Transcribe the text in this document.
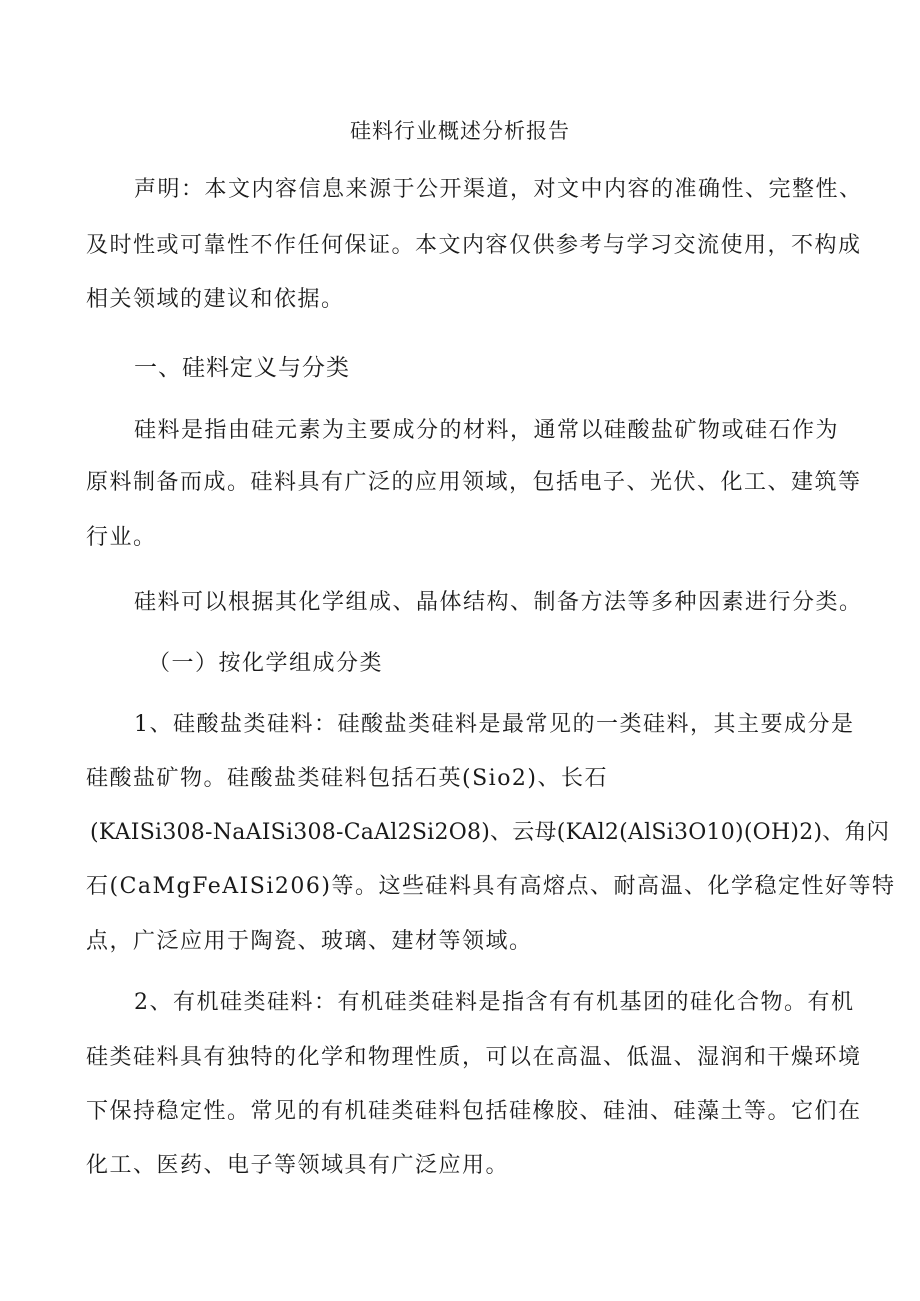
硅料行业概述分析报告
声明：本文内容信息来源于公开渠道，对文中内容的准确性、完整性、
及时性或可靠性不作任何保证。本文内容仅供参考与学习交流使用，不构成
相关领域的建议和依据。
一、硅料定义与分类
硅料是指由硅元素为主要成分的材料，通常以硅酸盐矿物或硅石作为
原料制备而成。硅料具有广泛的应用领域，包括电子、光伏、化工、建筑等
行业。
硅料可以根据其化学组成、晶体结构、制备方法等多种因素进行分类。
（一）按化学组成分类
1、硅酸盐类硅料：硅酸盐类硅料是最常见的一类硅料，其主要成分是
硅酸盐矿物。硅酸盐类硅料包括石英(Sio2)、长石
(KAISi308-NaAISi308-CaAl2Si2O8)、云母(KAl2(AlSi3O10)(OH)2)、角闪
石(CaMgFeAISi206)等。这些硅料具有高熔点、耐高温、化学稳定性好等特
点，广泛应用于陶瓷、玻璃、建材等领域。
2、有机硅类硅料：有机硅类硅料是指含有有机基团的硅化合物。有机
硅类硅料具有独特的化学和物理性质，可以在高温、低温、湿润和干燥环境
下保持稳定性。常见的有机硅类硅料包括硅橡胶、硅油、硅藻土等。它们在
化工、医药、电子等领域具有广泛应用。
